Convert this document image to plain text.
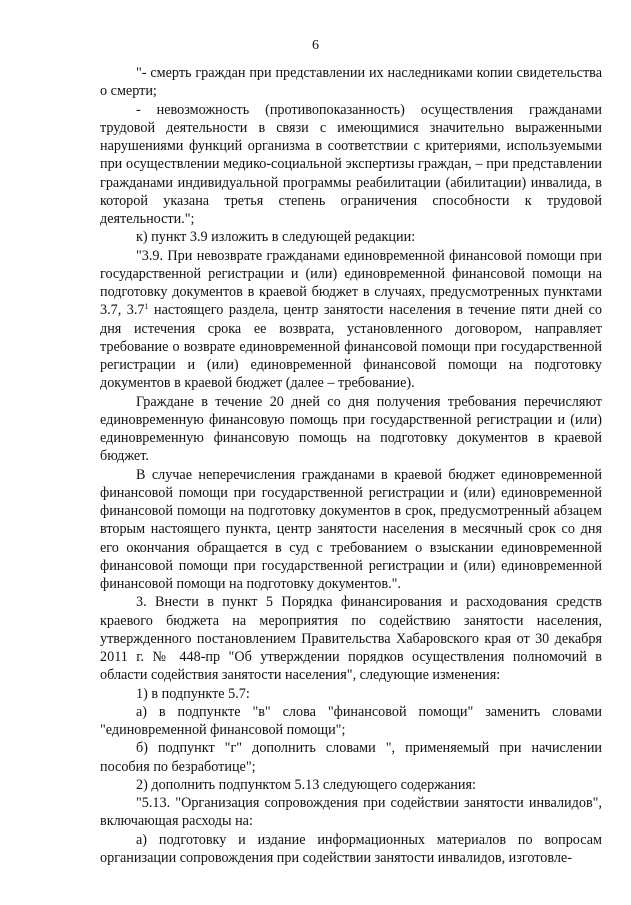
6

"- смерть граждан при представлении их наследниками копии свидетельства о смерти;

- невозможность (противопоказанность) осуществления гражданами трудовой деятельности в связи с имеющимися значительно выраженными нарушениями функций организма в соответствии с критериями, используемыми при осуществлении медико-социальной экспертизы граждан, – при представлении гражданами индивидуальной программы реабилитации (абилитации) инвалида, в которой указана третья степень ограничения способности к трудовой деятельности.";

к) пункт 3.9 изложить в следующей редакции:

"3.9. При невозврате гражданами единовременной финансовой помощи при государственной регистрации и (или) единовременной финансовой помощи на подготовку документов в краевой бюджет в случаях, предусмотренных пунктами 3.7, $3.7^1$ настоящего раздела, центр занятости населения в течение пяти дней со дня истечения срока ее возврата, установленного договором, направляет требование о возврате единовременной финансовой помощи при государственной регистрации и (или) единовременной финансовой помощи на подготовку документов в краевой бюджет (далее – требование).

Граждане в течение 20 дней со дня получения требования перечисляют единовременную финансовую помощь при государственной регистрации и (или) единовременную финансовую помощь на подготовку документов в краевой бюджет.

В случае неперечисления гражданами в краевой бюджет единовременной финансовой помощи при государственной регистрации и (или) единовременной финансовой помощи на подготовку документов в срок, предусмотренный абзацем вторым настоящего пункта, центр занятости населения в месячный срок со дня его окончания обращается в суд с требованием о взыскании единовременной финансовой помощи при государственной регистрации и (или) единовременной финансовой помощи на подготовку документов.".

3. Внести в пункт 5 Порядка финансирования и расходования средств краевого бюджета на мероприятия по содействию занятости населения, утвержденного постановлением Правительства Хабаровского края от 30 декабря 2011 г. № 448-пр "Об утверждении порядков осуществления полномочий в области содействия занятости населения", следующие изменения:

1) в подпункте 5.7:

а) в подпункте "в" слова "финансовой помощи" заменить словами "единовременной финансовой помощи";

б) подпункт "г" дополнить словами ", применяемый при начислении пособия по безработице";

2) дополнить подпунктом 5.13 следующего содержания:

"5.13. "Организация сопровождения при содействии занятости инвалидов", включающая расходы на:

а) подготовку и издание информационных материалов по вопросам организации сопровождения при содействии занятости инвалидов, изготовле-
